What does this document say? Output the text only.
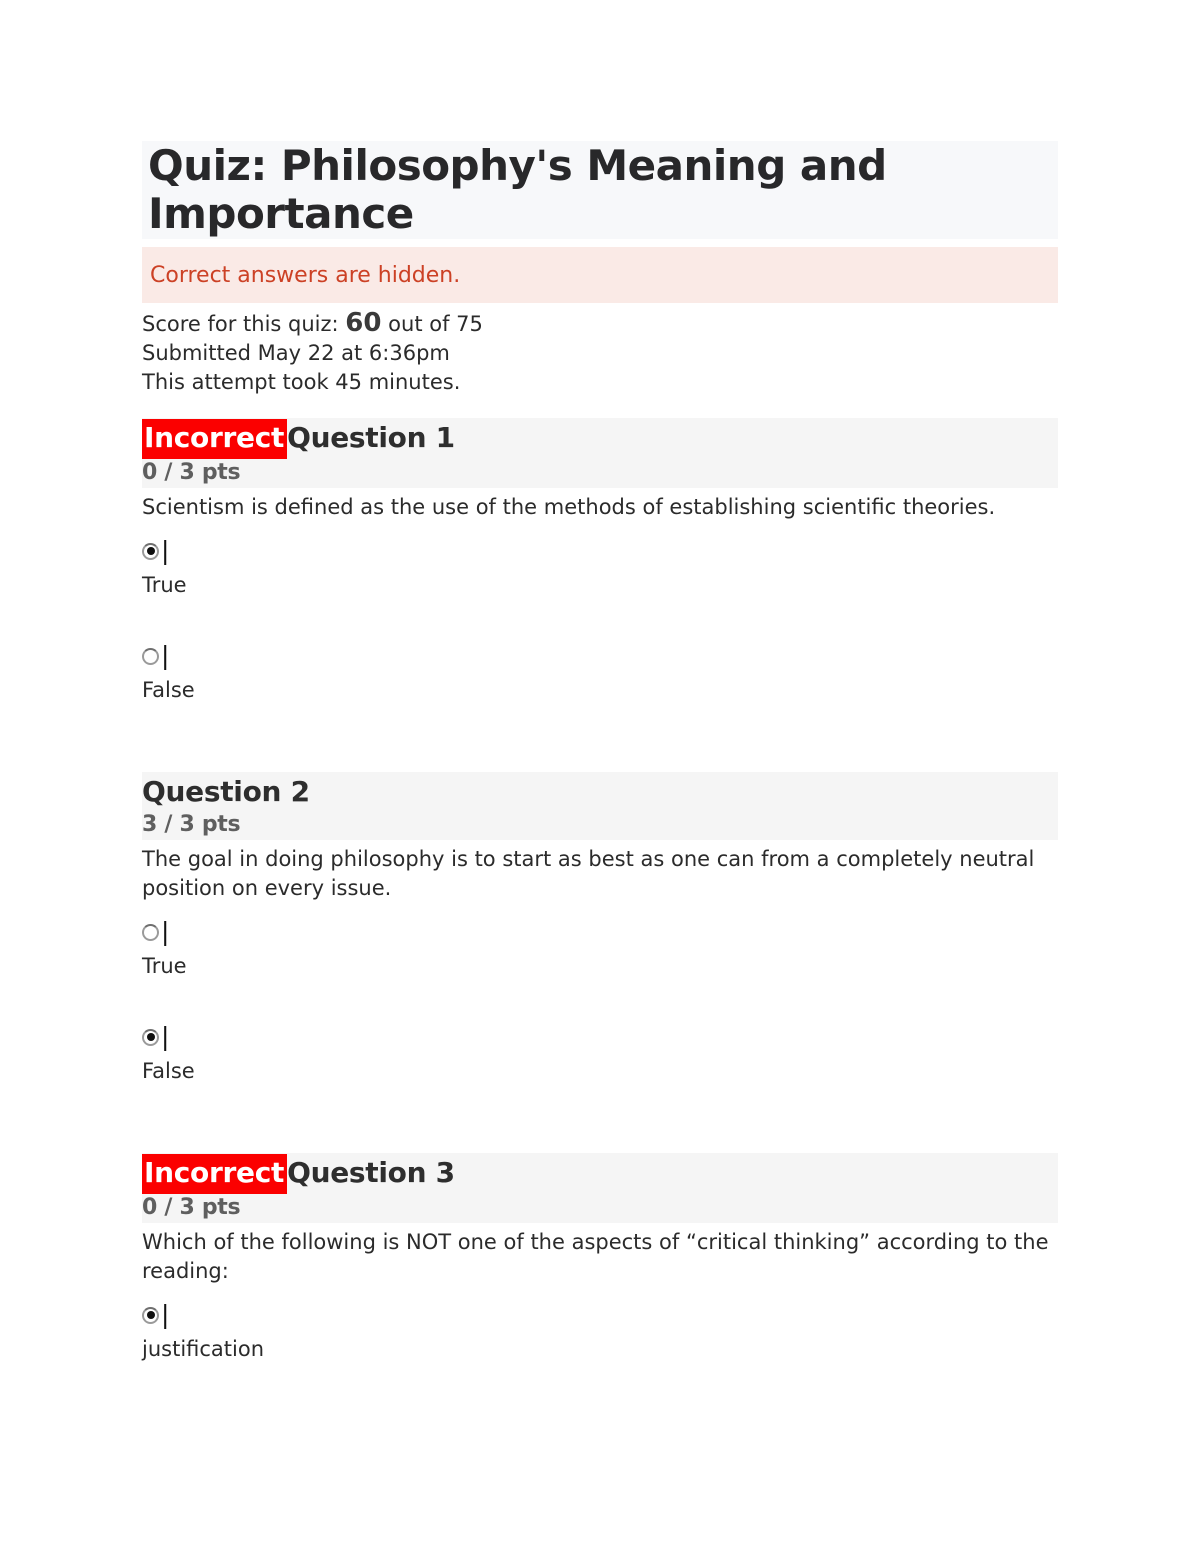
Quiz: Philosophy's Meaning and Importance
Correct answers are hidden.
Score for this quiz: 60 out of 75
Submitted May 22 at 6:36pm
This attempt took 45 minutes.
Incorrect Question 1
0 / 3 pts
Scientism is defined as the use of the methods of establishing scientific theories.
|
True
|
False
Question 2
3 / 3 pts
The goal in doing philosophy is to start as best as one can from a completely neutral position on every issue.
|
True
|
False
Incorrect Question 3
0 / 3 pts
Which of the following is NOT one of the aspects of “critical thinking” according to the reading:
|
justification
